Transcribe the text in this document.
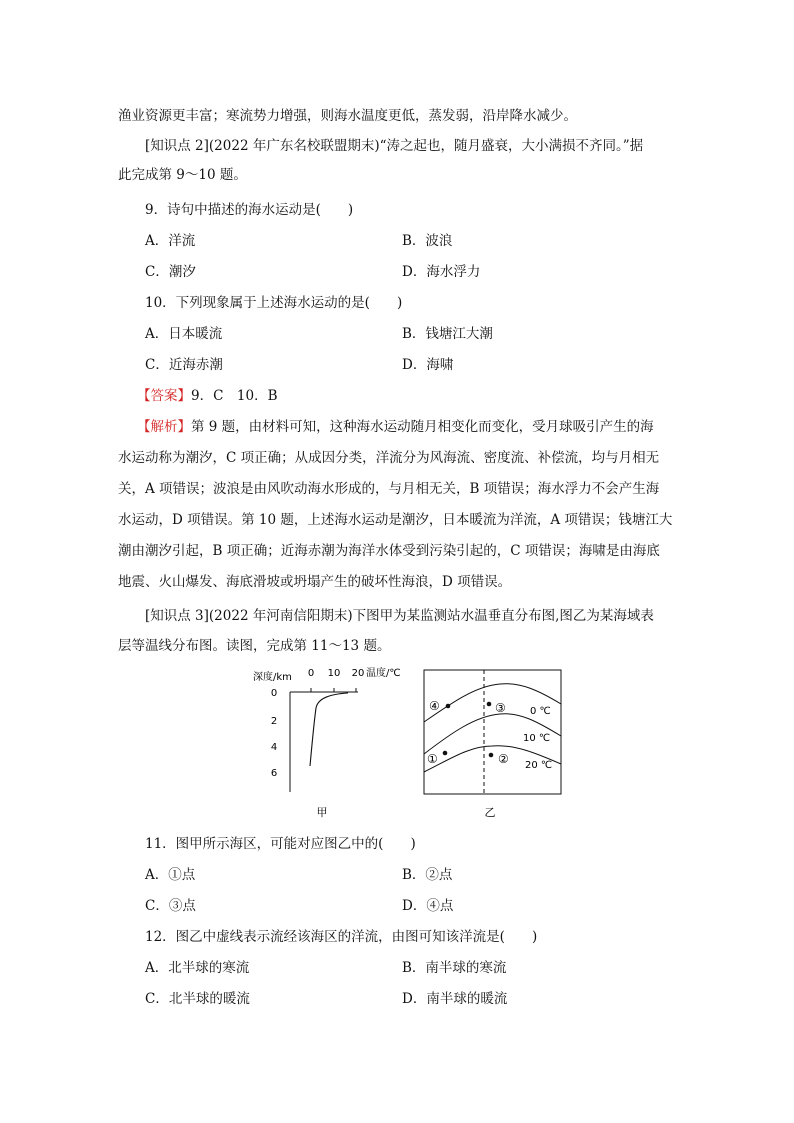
渔业资源更丰富；寒流势力增强，则海水温度更低，蒸发弱，沿岸降水减少。
[知识点 2](2022 年广东名校联盟期末)“涛之起也，随月盛衰，大小满损不齐同。”据
此完成第 9～10 题。
9．诗句中描述的海水运动是(　　)
A．洋流	B．波浪
C．潮汐	D．海水浮力
10．下列现象属于上述海水运动的是(　　)
A．日本暖流	B．钱塘江大潮
C．近海赤潮	D．海啸
【答案】9．C　10．B
【解析】第 9 题，由材料可知，这种海水运动随月相变化而变化，受月球吸引产生的海
水运动称为潮汐，C 项正确；从成因分类，洋流分为风海流、密度流、补偿流，均与月相无
关，A 项错误；波浪是由风吹动海水形成的，与月相无关，B 项错误；海水浮力不会产生海
水运动，D 项错误。第 10 题，上述海水运动是潮汐，日本暖流为洋流，A 项错误；钱塘江大
潮由潮汐引起，B 项正确；近海赤潮为海洋水体受到污染引起的，C 项错误；海啸是由海底
地震、火山爆发、海底滑坡或坍塌产生的破坏性海浪，D 项错误。
[知识点 3](2022 年河南信阳期末)下图甲为某监测站水温垂直分布图,图乙为某海域表
层等温线分布图。读图，完成第 11～13 题。
深度/km 0 10 20 温度/℃
0
2
4
6
甲
0 ℃
10 ℃
20 ℃
④	③
①	②
乙
11．图甲所示海区，可能对应图乙中的(　　)
A．①点	B．②点
C．③点	D．④点
12．图乙中虚线表示流经该海区的洋流，由图可知该洋流是(　　)
A．北半球的寒流	B．南半球的寒流
C．北半球的暖流	D．南半球的暖流
